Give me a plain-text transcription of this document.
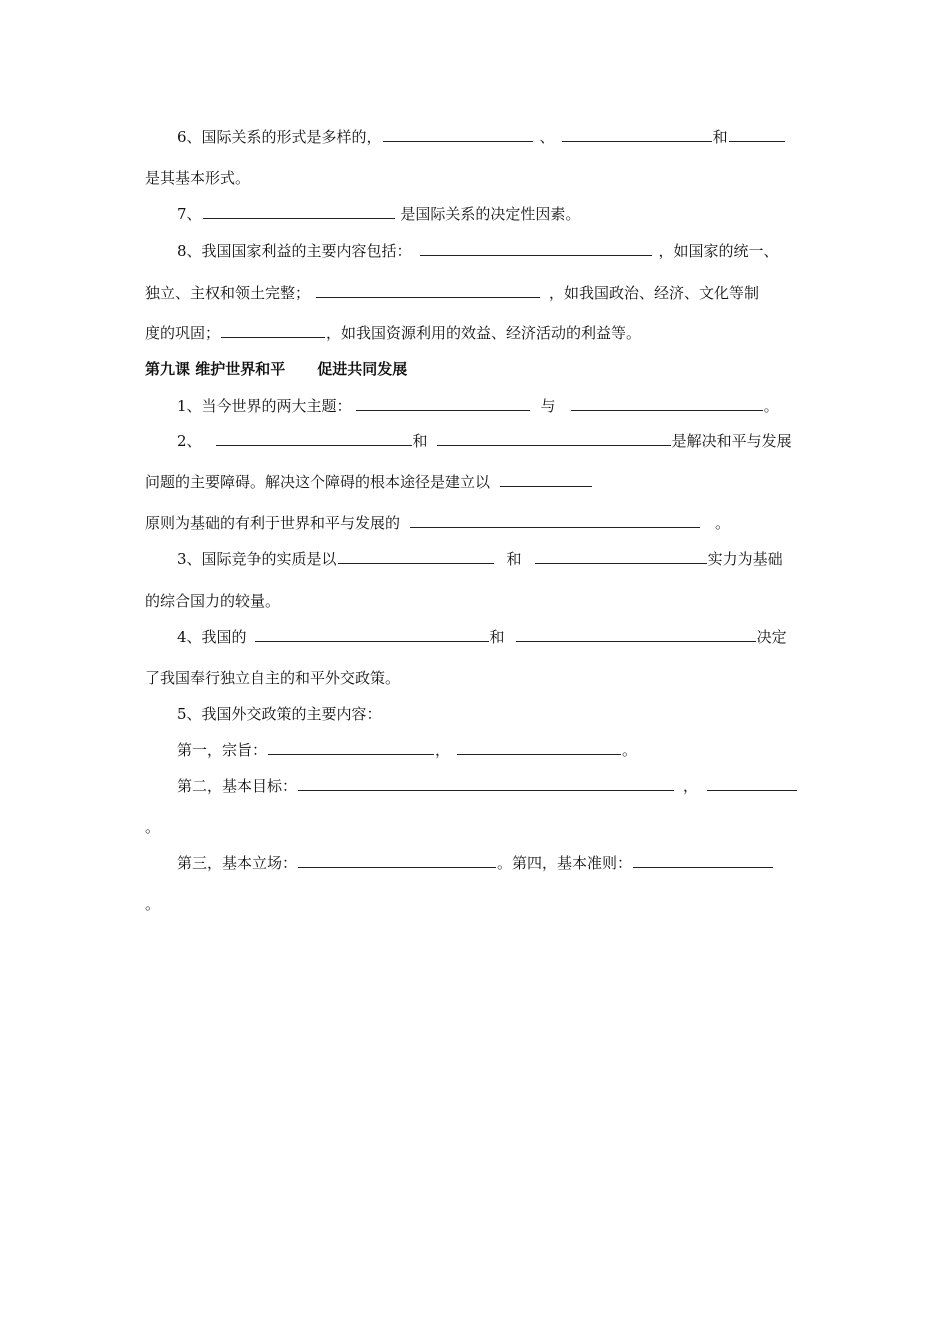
6、国际关系的形式是多样的，	、	和
是其基本形式。
7、	是国际关系的决定性因素。
8、我国国家利益的主要内容包括：	，如国家的统一、
独立、主权和领土完整；	，如我国政治、经济、文化等制
度的巩固；	，如我国资源利用的效益、经济活动的利益等。
第九课 维护世界和平 促进共同发展
1、当今世界的两大主题：	与	。
2、	和	是解决和平与发展
问题的主要障碍。解决这个障碍的根本途径是建立以
原则为基础的有利于世界和平与发展的	。
3、国际竞争的实质是以	和	实力为基础
的综合国力的较量。
4、我国的	和	决定
了我国奉行独立自主的和平外交政策。
5、我国外交政策的主要内容：
第一，宗旨：	，	。
第二，基本目标：	，
。
第三，基本立场：	。第四，基本准则：
。
